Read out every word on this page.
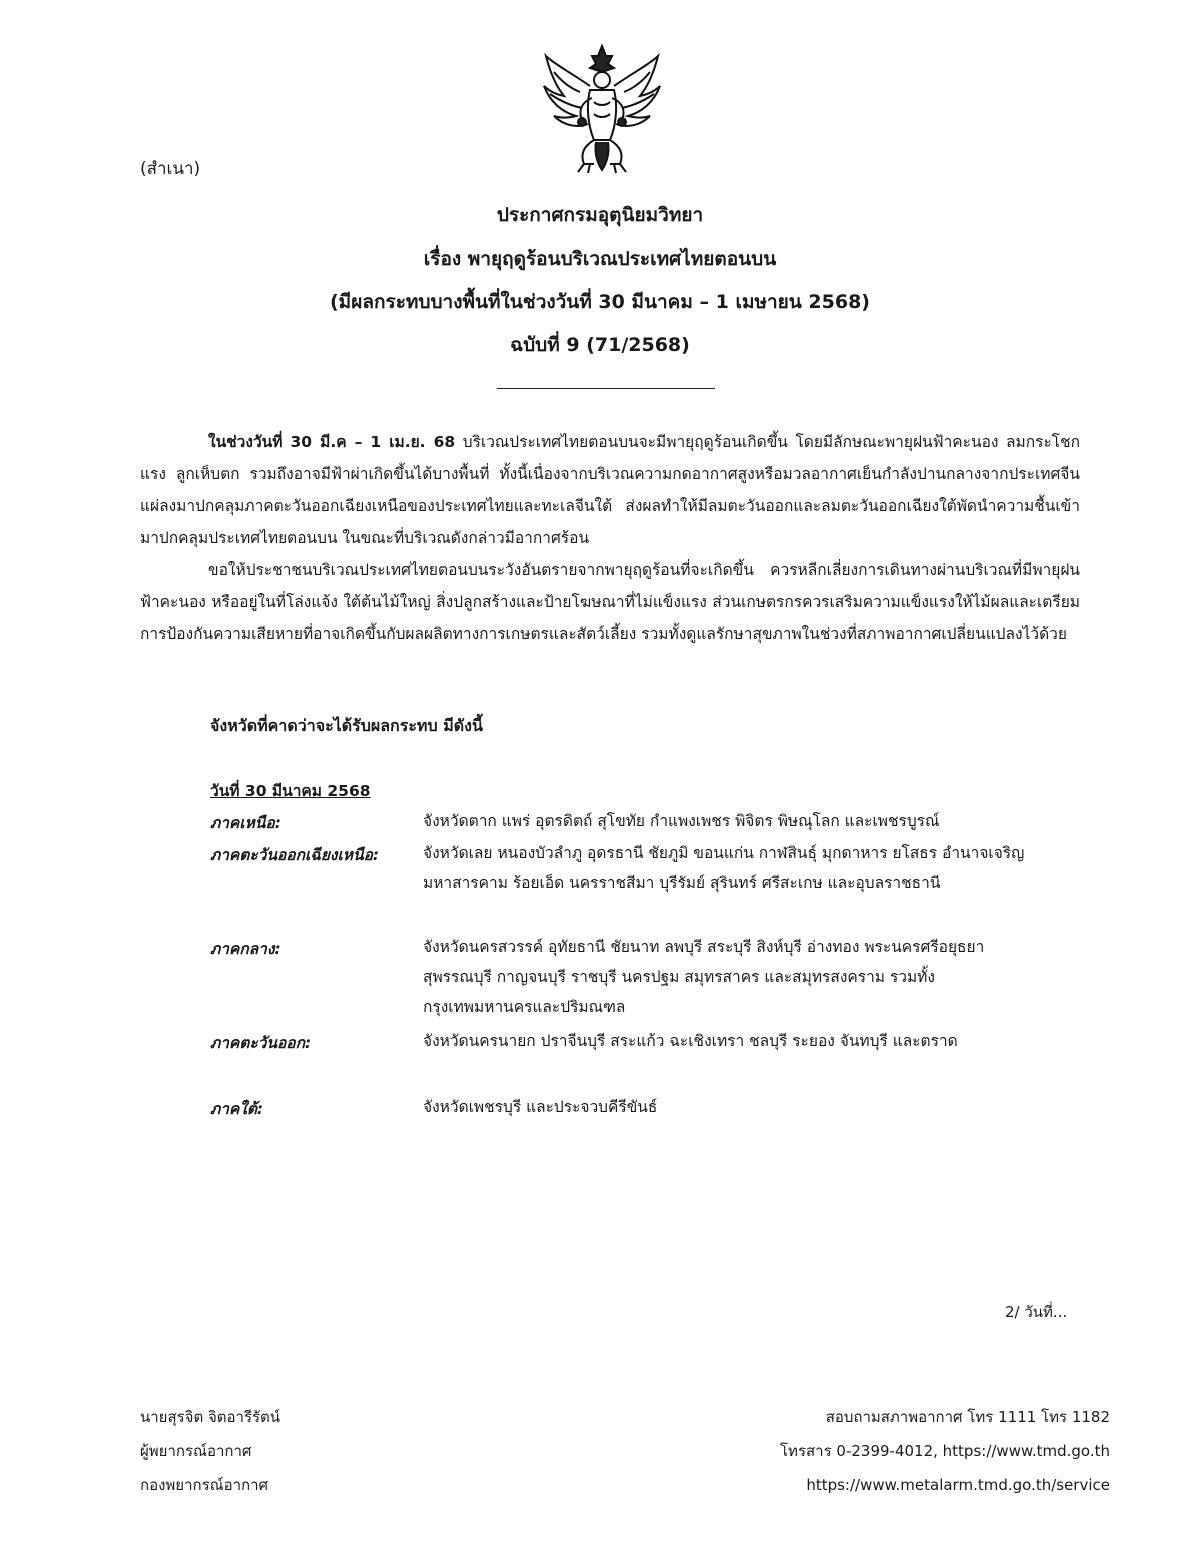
(สำเนา)
ประกาศกรมอุตุนิยมวิทยา
เรื่อง พายุฤดูร้อนบริเวณประเทศไทยตอนบน
(มีผลกระทบบางพื้นที่ในช่วงวันที่ 30 มีนาคม – 1 เมษายน 2568)
ฉบับที่ 9 (71/2568)
ในช่วงวันที่ 30 มี.ค – 1 เม.ย. 68 บริเวณประเทศไทยตอนบนจะมีพายุฤดูร้อนเกิดขึ้น โดยมีลักษณะพายุฝนฟ้าคะนอง ลมกระโชกแรง ลูกเห็บตก รวมถึงอาจมีฟ้าผ่าเกิดขึ้นได้บางพื้นที่ ทั้งนี้เนื่องจากบริเวณความกดอากาศสูงหรือมวลอากาศเย็นกำลังปานกลางจากประเทศจีนแผ่ลงมาปกคลุมภาคตะวันออกเฉียงเหนือของประเทศไทยและทะเลจีนใต้ ส่งผลทำให้มีลมตะวันออกและลมตะวันออกเฉียงใต้พัดนำความชื้นเข้ามาปกคลุมประเทศไทยตอนบน ในขณะที่บริเวณดังกล่าวมีอากาศร้อน
ขอให้ประชาชนบริเวณประเทศไทยตอนบนระวังอันตรายจากพายุฤดูร้อนที่จะเกิดขึ้น ควรหลีกเลี่ยงการเดินทางผ่านบริเวณที่มีพายุฝนฟ้าคะนอง หรืออยู่ในที่โล่งแจ้ง ใต้ต้นไม้ใหญ่ สิ่งปลูกสร้างและป้ายโฆษณาที่ไม่แข็งแรง ส่วนเกษตรกรควรเสริมความแข็งแรงให้ไม้ผลและเตรียมการป้องกันความเสียหายที่อาจเกิดขึ้นกับผลผลิตทางการเกษตรและสัตว์เลี้ยง รวมทั้งดูแลรักษาสุขภาพในช่วงที่สภาพอากาศเปลี่ยนแปลงไว้ด้วย
จังหวัดที่คาดว่าจะได้รับผลกระทบ มีดังนี้
วันที่ 30 มีนาคม 2568
ภาคเหนือ:	จังหวัดตาก แพร่ อุตรดิตถ์ สุโขทัย กำแพงเพชร พิจิตร พิษณุโลก และเพชรบูรณ์
ภาคตะวันออกเฉียงเหนือ:	จังหวัดเลย หนองบัวลำภู อุดรธานี ชัยภูมิ ขอนแก่น กาฬสินธุ์ มุกดาหาร ยโสธร อำนาจเจริญ มหาสารคาม ร้อยเอ็ด นครราชสีมา บุรีรัมย์ สุรินทร์ ศรีสะเกษ และอุบลราชธานี
ภาคกลาง:	จังหวัดนครสวรรค์ อุทัยธานี ชัยนาท ลพบุรี สระบุรี สิงห์บุรี อ่างทอง พระนครศรีอยุธยา สุพรรณบุรี กาญจนบุรี ราชบุรี นครปฐม สมุทรสาคร และสมุทรสงคราม รวมทั้งกรุงเทพมหานครและปริมณฑล
ภาคตะวันออก:	จังหวัดนครนายก ปราจีนบุรี สระแก้ว ฉะเชิงเทรา ชลบุรี ระยอง จันทบุรี และตราด
ภาคใต้:	จังหวัดเพชรบุรี และประจวบคีรีขันธ์
2/ วันที่...
นายสุรจิต จิตอารีรัตน์
ผู้พยากรณ์อากาศ
กองพยากรณ์อากาศ
สอบถามสภาพอากาศ โทร 1111 โทร 1182
โทรสาร 0-2399-4012, https://www.tmd.go.th
https://www.metalarm.tmd.go.th/service
